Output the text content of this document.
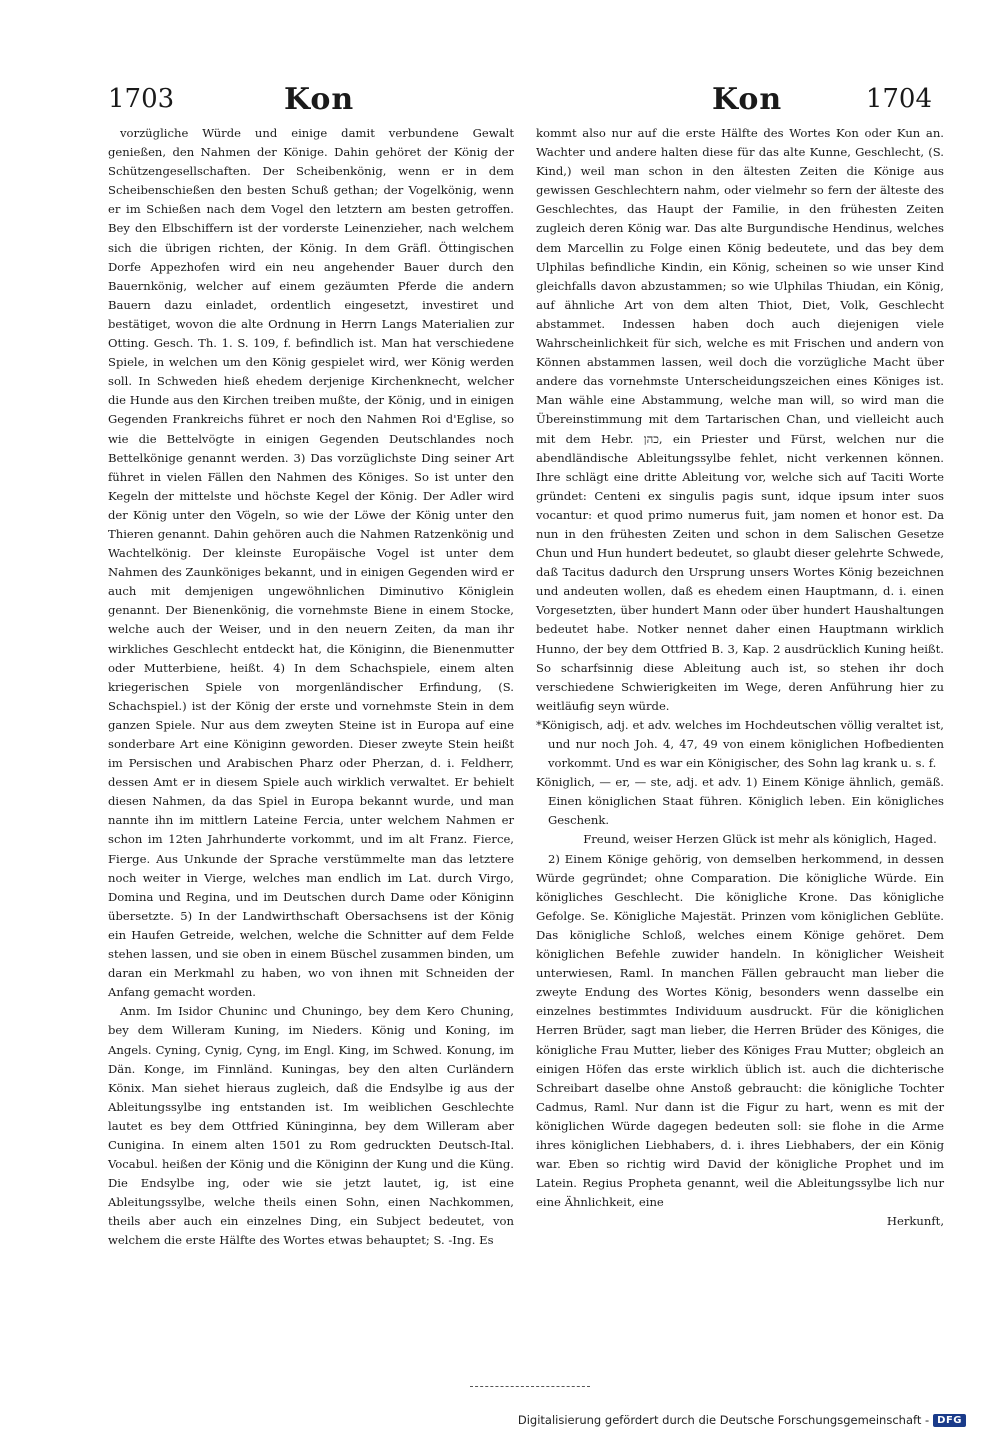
1703	Kon	Kon	1704

vorzügliche Würde und einige damit verbundene Gewalt genießen, den Nahmen der Könige. Dahin gehöret der König der Schützengesellschaften. Der Scheibenkönig, wenn er in dem Scheibenschießen den besten Schuß gethan; der Vogelkönig, wenn er im Schießen nach dem Vogel den letztern am besten getroffen. Bey den Elbschiffern ist der vorderste Leinenzieher, nach welchem sich die übrigen richten, der König. In dem Gräfl. Öttingischen Dorfe Appezhofen wird ein neu angehender Bauer durch den Bauernkönig, welcher auf einem gezäumten Pferde die andern Bauern dazu einladet, ordentlich eingesetzt, investiret und bestätiget, wovon die alte Ordnung in Herrn Langs Materialien zur Otting. Gesch. Th. 1. S. 109, f. befindlich ist. Man hat verschiedene Spiele, in welchen um den König gespielet wird, wer König werden soll. In Schweden hieß ehedem derjenige Kirchenknecht, welcher die Hunde aus den Kirchen treiben mußte, der König, und in einigen Gegenden Frankreichs führet er noch den Nahmen Roi d'Eglise, so wie die Bettelvögte in einigen Gegenden Deutschlandes noch Bettelkönige genannt werden. 3) Das vorzüglichste Ding seiner Art führet in vielen Fällen den Nahmen des Königes. So ist unter den Kegeln der mittelste und höchste Kegel der König. Der Adler wird der König unter den Vögeln, so wie der Löwe der König unter den Thieren genannt. Dahin gehören auch die Nahmen Ratzenkönig und Wachtelkönig. Der kleinste Europäische Vogel ist unter dem Nahmen des Zaunköniges bekannt, und in einigen Gegenden wird er auch mit demjenigen ungewöhnlichen Diminutivo Königlein genannt. Der Bienenkönig, die vornehmste Biene in einem Stocke, welche auch der Weiser, und in den neuern Zeiten, da man ihr wirkliches Geschlecht entdeckt hat, die Königinn, die Bienenmutter oder Mutterbiene, heißt. 4) In dem Schachspiele, einem alten kriegerischen Spiele von morgenländischer Erfindung, (S. Schachspiel.) ist der König der erste und vornehmste Stein in dem ganzen Spiele. Nur aus dem zweyten Steine ist in Europa auf eine sonderbare Art eine Königinn geworden. Dieser zweyte Stein heißt im Persischen und Arabischen Pharz oder Pherzan, d. i. Feldherr, dessen Amt er in diesem Spiele auch wirklich verwaltet. Er behielt diesen Nahmen, da das Spiel in Europa bekannt wurde, und man nannte ihn im mittlern Lateine Fercia, unter welchem Nahmen er schon im 12ten Jahrhunderte vorkommt, und im alt Franz. Fierce, Fierge. Aus Unkunde der Sprache verstümmelte man das letztere noch weiter in Vierge, welches man endlich im Lat. durch Virgo, Domina und Regina, und im Deutschen durch Dame oder Königinn übersetzte. 5) In der Landwirthschaft Obersachsens ist der König ein Haufen Getreide, welchen, welche die Schnitter auf dem Felde stehen lassen, und sie oben in einem Büschel zusammen binden, um daran ein Merkmahl zu haben, wo von ihnen mit Schneiden der Anfang gemacht worden.

Anm. Im Isidor Chuninc und Chuningo, bey dem Kero Chuning, bey dem Willeram Kuning, im Nieders. König und Koning, im Angels. Cyning, Cynig, Cyng, im Engl. King, im Schwed. Konung, im Dän. Konge, im Finnländ. Kuningas, bey den alten Curländern Könix. Man siehet hieraus zugleich, daß die Endsylbe ig aus der Ableitungssylbe ing entstanden ist. Im weiblichen Geschlechte lautet es bey dem Ottfried Küninginna, bey dem Willeram aber Cunigina. In einem alten 1501 zu Rom gedruckten Deutsch-Ital. Vocabul. heißen der König und die Königinn der Kung und die Küng. Die Endsylbe ing, oder wie sie jetzt lautet, ig, ist eine Ableitungssylbe, welche theils einen Sohn, einen Nachkommen, theils aber auch ein einzelnes Ding, ein Subject bedeutet, von welchem die erste Hälfte des Wortes etwas behauptet; S. -Ing. Es

kommt also nur auf die erste Hälfte des Wortes Kon oder Kun an. Wachter und andere halten diese für das alte Kunne, Geschlecht, (S. Kind,) weil man schon in den ältesten Zeiten die Könige aus gewissen Geschlechtern nahm, oder vielmehr so fern der älteste des Geschlechtes, das Haupt der Familie, in den frühesten Zeiten zugleich deren König war. Das alte Burgundische Hendinus, welches dem Marcellin zu Folge einen König bedeutete, und das bey dem Ulphilas befindliche Kindin, ein König, scheinen so wie unser Kind gleichfalls davon abzustammen; so wie Ulphilas Thiudan, ein König, auf ähnliche Art von dem alten Thiot, Diet, Volk, Geschlecht abstammet. Indessen haben doch auch diejenigen viele Wahrscheinlichkeit für sich, welche es mit Frischen und andern von Können abstammen lassen, weil doch die vorzügliche Macht über andere das vornehmste Unterscheidungszeichen eines Königes ist. Man wähle eine Abstammung, welche man will, so wird man die Übereinstimmung mit dem Tartarischen Chan, und vielleicht auch mit dem Hebr. כהן, ein Priester und Fürst, welchen nur die abendländische Ableitungssylbe fehlet, nicht verkennen können. Ihre schlägt eine dritte Ableitung vor, welche sich auf Taciti Worte gründet: Centeni ex singulis pagis sunt, idque ipsum inter suos vocantur: et quod primo numerus fuit, jam nomen et honor est. Da nun in den frühesten Zeiten und schon in dem Salischen Gesetze Chun und Hun hundert bedeutet, so glaubt dieser gelehrte Schwede, daß Tacitus dadurch den Ursprung unsers Wortes König bezeichnen und andeuten wollen, daß es ehedem einen Hauptmann, d. i. einen Vorgesetzten, über hundert Mann oder über hundert Haushaltungen bedeutet habe. Notker nennet daher einen Hauptmann wirklich Hunno, der bey dem Ottfried B. 3, Kap. 2 ausdrücklich Kuning heißt. So scharfsinnig diese Ableitung auch ist, so stehen ihr doch verschiedene Schwierigkeiten im Wege, deren Anführung hier zu weitläufig seyn würde.

*Königisch, adj. et adv. welches im Hochdeutschen völlig veraltet ist, und nur noch Joh. 4, 47, 49 von einem königlichen Hofbedienten vorkommt. Und es war ein Königischer, des Sohn lag krank u. s. f.

Königlich, — er, — ste, adj. et adv. 1) Einem Könige ähnlich, gemäß. Einen königlichen Staat führen. Königlich leben. Ein königliches Geschenk.

Freund, weiser Herzen Glück ist mehr als königlich, Haged.

2) Einem Könige gehörig, von demselben herkommend, in dessen Würde gegründet; ohne Comparation. Die königliche Würde. Ein königliches Geschlecht. Die königliche Krone. Das königliche Gefolge. Se. Königliche Majestät. Prinzen vom königlichen Geblüte. Das königliche Schloß, welches einem Könige gehöret. Dem königlichen Befehle zuwider handeln. In königlicher Weisheit unterwiesen, Raml. In manchen Fällen gebraucht man lieber die zweyte Endung des Wortes König, besonders wenn dasselbe ein einzelnes bestimmtes Individuum ausdruckt. Für die königlichen Herren Brüder, sagt man lieber, die Herren Brüder des Königes, die königliche Frau Mutter, lieber des Königes Frau Mutter; obgleich an einigen Höfen das erste wirklich üblich ist. auch die dichterische Schreibart daselbe ohne Anstoß gebraucht: die königliche Tochter Cadmus, Raml. Nur dann ist die Figur zu hart, wenn es mit der königlichen Würde dagegen bedeuten soll: sie flohe in die Arme ihres königlichen Liebhabers, d. i. ihres Liebhabers, der ein König war. Eben so richtig wird David der königliche Prophet und im Latein. Regius Propheta genannt, weil die Ableitungssylbe lich nur eine Ähnlichkeit, eine

Herkunft,

Digitalisierung gefördert durch die Deutsche Forschungsgemeinschaft - DFG
